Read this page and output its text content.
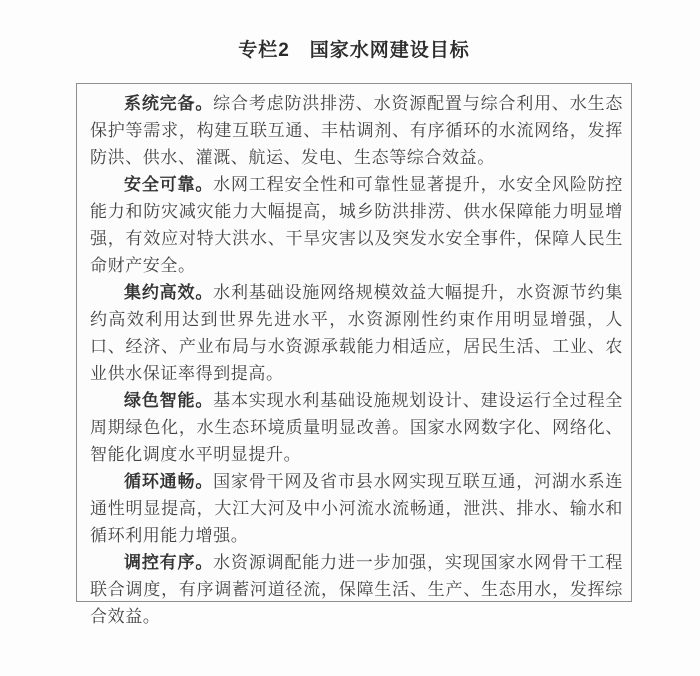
专栏2　国家水网建设目标

系统完备。综合考虑防洪排涝、水资源配置与综合利用、水生态保护等需求，构建互联互通、丰枯调剂、有序循环的水流网络，发挥防洪、供水、灌溉、航运、发电、生态等综合效益。

安全可靠。水网工程安全性和可靠性显著提升，水安全风险防控能力和防灾减灾能力大幅提高，城乡防洪排涝、供水保障能力明显增强，有效应对特大洪水、干旱灾害以及突发水安全事件，保障人民生命财产安全。

集约高效。水利基础设施网络规模效益大幅提升，水资源节约集约高效利用达到世界先进水平，水资源刚性约束作用明显增强，人口、经济、产业布局与水资源承载能力相适应，居民生活、工业、农业供水保证率得到提高。

绿色智能。基本实现水利基础设施规划设计、建设运行全过程全周期绿色化，水生态环境质量明显改善。国家水网数字化、网络化、智能化调度水平明显提升。

循环通畅。国家骨干网及省市县水网实现互联互通，河湖水系连通性明显提高，大江大河及中小河流水流畅通，泄洪、排水、输水和循环利用能力增强。

调控有序。水资源调配能力进一步加强，实现国家水网骨干工程联合调度，有序调蓄河道径流，保障生活、生产、生态用水，发挥综合效益。
